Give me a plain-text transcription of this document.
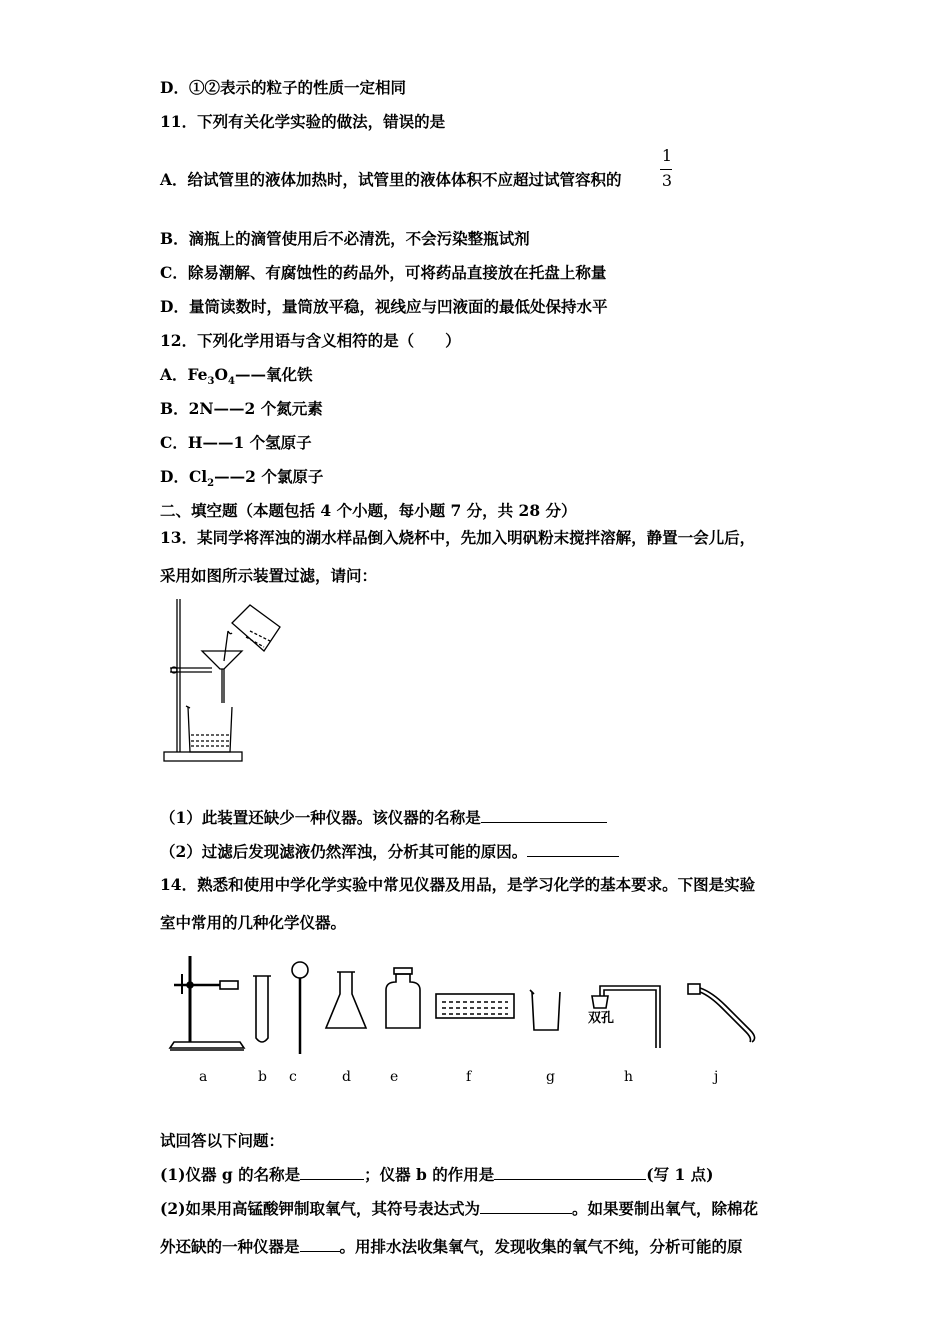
D．①②表示的粒子的性质一定相同
11．下列有关化学实验的做法，错误的是
A．给试管里的液体加热时，试管里的液体体积不应超过试管容积的
1
3
B．滴瓶上的滴管使用后不必清洗，不会污染整瓶试剂
C．除易潮解、有腐蚀性的药品外，可将药品直接放在托盘上称量
D．量筒读数时，量筒放平稳，视线应与凹液面的最低处保持水平
12．下列化学用语与含义相符的是（　　）
A．$Fe_3O_4——$氧化铁
B．2N——2 个氮元素
C．H——1 个氢原子
D．$Cl_2——2$ 个氯原子
二、填空题（本题包括 4 个小题，每小题 7 分，共 28 分）
13．某同学将浑浊的湖水样品倒入烧杯中，先加入明矾粉末搅拌溶解，静置一会儿后，
采用如图所示装置过滤，请问：
（1）此装置还缺少一种仪器。该仪器的名称是
（2）过滤后发现滤液仍然浑浊，分析其可能的原因。
14．熟悉和使用中学化学实验中常见仪器及用品，是学习化学的基本要求。下图是实验
室中常用的几种化学仪器。
双孔
a	b c	d	e	f	g	h	j
试回答以下问题：
(1)仪器 g 的名称是	；仪器 b 的作用是	(写 1 点)
(2)如果用高锰酸钾制取氧气，其符号表达式为	。如果要制出氧气，除棉花
外还缺的一种仪器是	。用排水法收集氧气，发现收集的氧气不纯，分析可能的原
